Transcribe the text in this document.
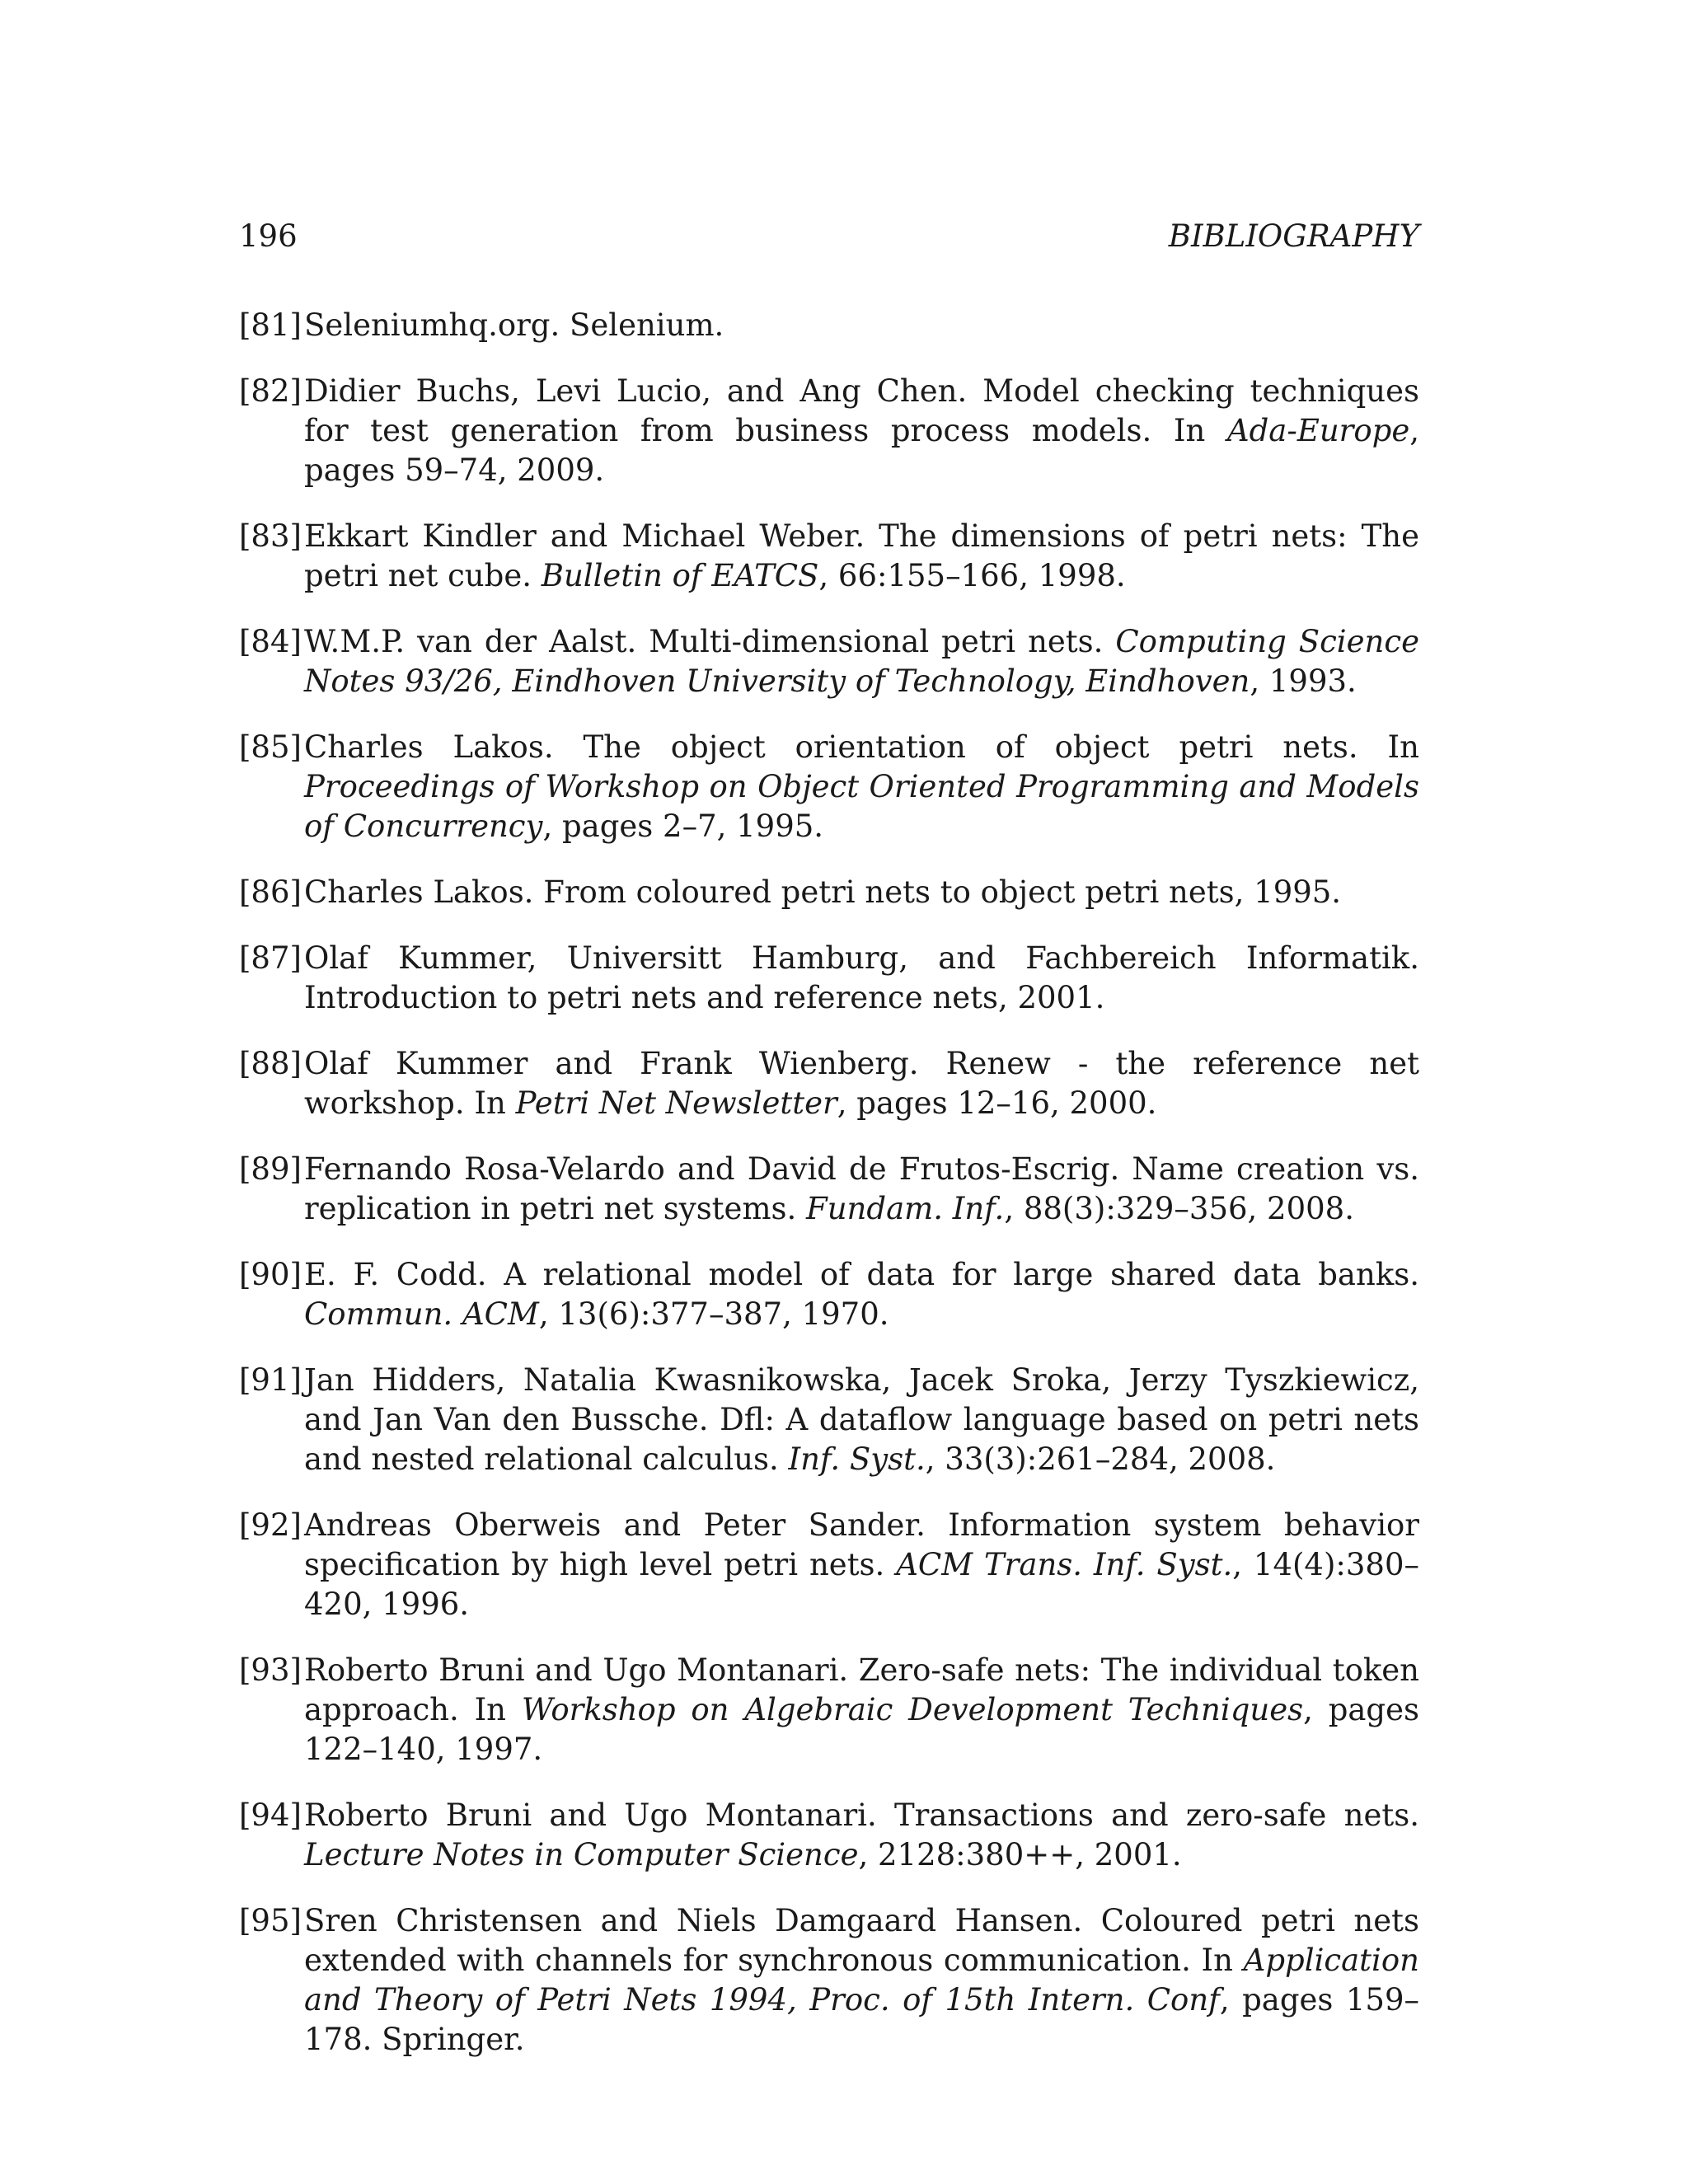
196	BIBLIOGRAPHY
[81] Seleniumhq.org. Selenium.
[82] Didier Buchs, Levi Lucio, and Ang Chen. Model checking techniques for test generation from business process models. In Ada-Europe, pages 59–74, 2009.
[83] Ekkart Kindler and Michael Weber. The dimensions of petri nets: The petri net cube. Bulletin of EATCS, 66:155–166, 1998.
[84] W.M.P. van der Aalst. Multi-dimensional petri nets. Computing Science Notes 93/26, Eindhoven University of Technology, Eindhoven, 1993.
[85] Charles Lakos. The object orientation of object petri nets. In Proceedings of Workshop on Object Oriented Programming and Models of Concurrency, pages 2–7, 1995.
[86] Charles Lakos. From coloured petri nets to object petri nets, 1995.
[87] Olaf Kummer, Universitt Hamburg, and Fachbereich Informatik. Introduction to petri nets and reference nets, 2001.
[88] Olaf Kummer and Frank Wienberg. Renew - the reference net workshop. In Petri Net Newsletter, pages 12–16, 2000.
[89] Fernando Rosa-Velardo and David de Frutos-Escrig. Name creation vs. replication in petri net systems. Fundam. Inf., 88(3):329–356, 2008.
[90] E. F. Codd. A relational model of data for large shared data banks. Commun. ACM, 13(6):377–387, 1970.
[91] Jan Hidders, Natalia Kwasnikowska, Jacek Sroka, Jerzy Tyszkiewicz, and Jan Van den Bussche. Dfl: A dataflow language based on petri nets and nested relational calculus. Inf. Syst., 33(3):261–284, 2008.
[92] Andreas Oberweis and Peter Sander. Information system behavior specification by high level petri nets. ACM Trans. Inf. Syst., 14(4):380–420, 1996.
[93] Roberto Bruni and Ugo Montanari. Zero-safe nets: The individual token approach. In Workshop on Algebraic Development Techniques, pages 122–140, 1997.
[94] Roberto Bruni and Ugo Montanari. Transactions and zero-safe nets. Lecture Notes in Computer Science, 2128:380++, 2001.
[95] Sren Christensen and Niels Damgaard Hansen. Coloured petri nets extended with channels for synchronous communication. In Application and Theory of Petri Nets 1994, Proc. of 15th Intern. Conf, pages 159–178. Springer.
